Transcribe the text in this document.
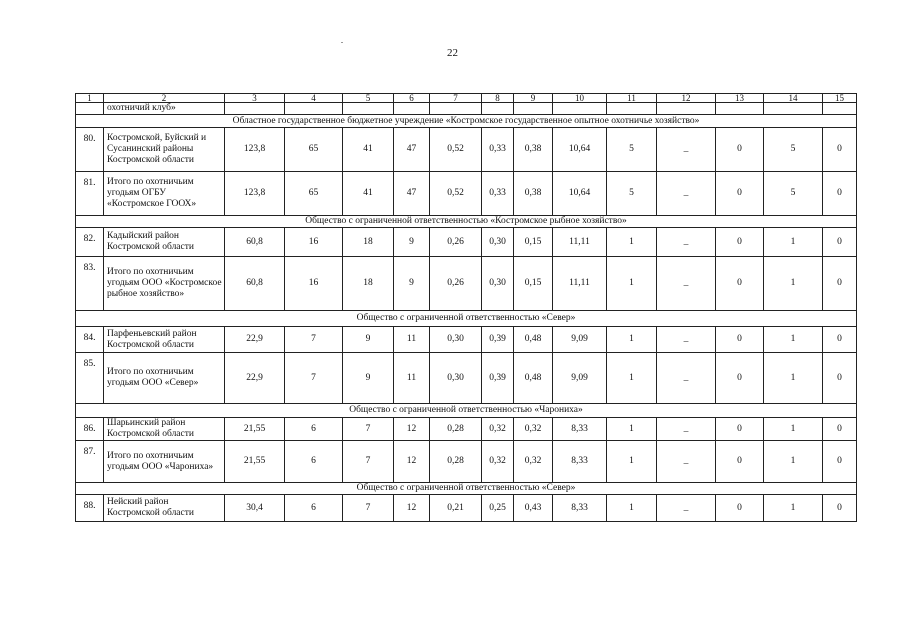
22
1	2	3	4	5	6	7	8	9	10	11	12	13	14	15
	охотничий клуб»													
Областное государственное бюджетное учреждение «Костромское государственное опытное охотничье хозяйство»														
80.	Костромской, Буйский и Сусанинский районы Костромской области	123,8	65	41	47	0,52	0,33	0,38	10,64	5	_	0	5	0
81.	Итого по охотничьим угодьям ОГБУ «Костромское ГООХ»	123,8	65	41	47	0,52	0,33	0,38	10,64	5	_	0	5	0
Общество с ограниченной ответственностью «Костромское рыбное хозяйство»														
82.	Кадыйский район Костромской области	60,8	16	18	9	0,26	0,30	0,15	11,11	1	_	0	1	0
83.	Итого по охотничьим угодьям ООО «Костромское рыбное хозяйство»	60,8	16	18	9	0,26	0,30	0,15	11,11	1	_	0	1	0
Общество с ограниченной ответственностью «Север»														
84.	Парфеньевский район Костромской области	22,9	7	9	11	0,30	0,39	0,48	9,09	1	_	0	1	0
85.	Итого по охотничьим угодьям ООО «Север»	22,9	7	9	11	0,30	0,39	0,48	9,09	1	_	0	1	0
Общество с ограниченной ответственностью «Чарониха»														
86.	Шарьинский район Костромской области	21,55	6	7	12	0,28	0,32	0,32	8,33	1	_	0	1	0
87.	Итого по охотничьим угодьям ООО «Чарониха»	21,55	6	7	12	0,28	0,32	0,32	8,33	1	_	0	1	0
Общество с ограниченной ответственностью «Север»														
88.	Нейский район Костромской области	30,4	6	7	12	0,21	0,25	0,43	8,33	1	_	0	1	0
